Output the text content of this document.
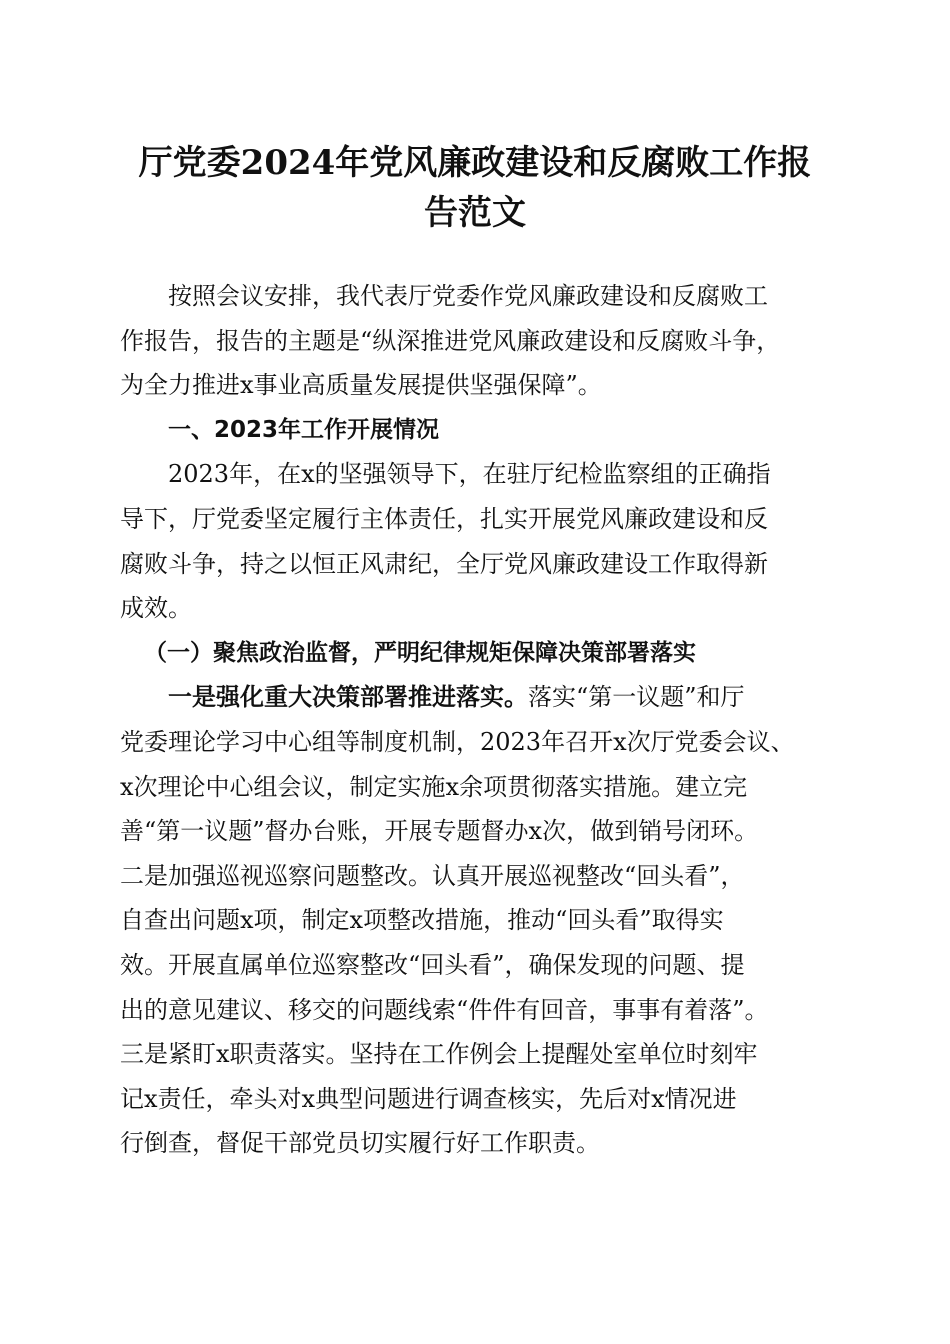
厅党委2024年党风廉政建设和反腐败工作报
告范文
按照会议安排，我代表厅党委作党风廉政建设和反腐败工
作报告，报告的主题是“纵深推进党风廉政建设和反腐败斗争，
为全力推进x事业高质量发展提供坚强保障”。
一、2023年工作开展情况
2023年，在x的坚强领导下，在驻厅纪检监察组的正确指
导下，厅党委坚定履行主体责任，扎实开展党风廉政建设和反
腐败斗争，持之以恒正风肃纪，全厅党风廉政建设工作取得新
成效。
（一）聚焦政治监督，严明纪律规矩保障决策部署落实
一是强化重大决策部署推进落实。落实“第一议题”和厅
党委理论学习中心组等制度机制，2023年召开x次厅党委会议、
x次理论中心组会议，制定实施x余项贯彻落实措施。建立完
善“第一议题”督办台账，开展专题督办x次，做到销号闭环。
二是加强巡视巡察问题整改。认真开展巡视整改“回头看”，
自查出问题x项，制定x项整改措施，推动“回头看”取得实
效。开展直属单位巡察整改“回头看”，确保发现的问题、提
出的意见建议、移交的问题线索“件件有回音，事事有着落”。
三是紧盯x职责落实。坚持在工作例会上提醒处室单位时刻牢
记x责任，牵头对x典型问题进行调查核实，先后对x情况进
行倒查，督促干部党员切实履行好工作职责。
